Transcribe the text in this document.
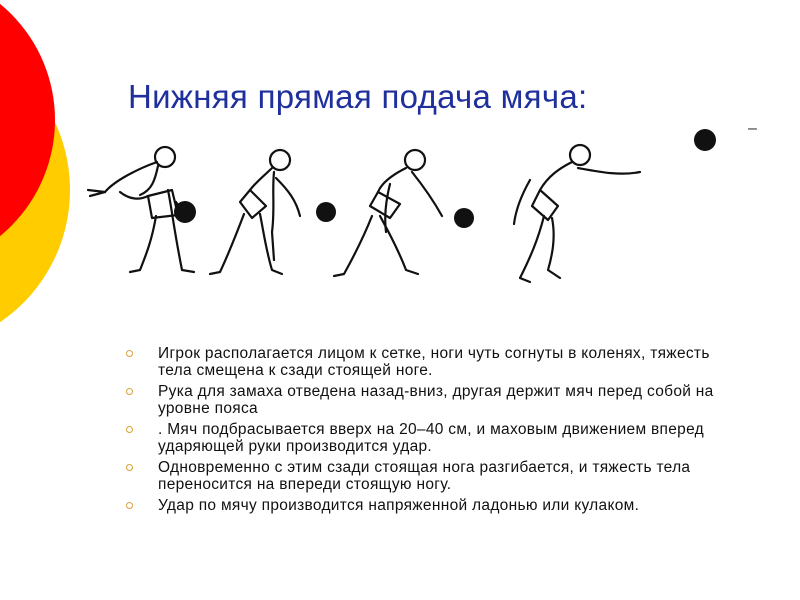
Нижняя прямая подача мяча:
–
Игрок располагается лицом к сетке, ноги чуть согнуты в коленях, тяжесть тела смещена к сзади стоящей ноге.
Рука для замаха отведена назад-вниз, другая держит мяч перед собой на уровне пояса
. Мяч подбрасывается вверх на 20–40 см, и маховым движением вперед ударяющей руки производится удар.
Одновременно с этим сзади стоящая нога разгибается, и тяжесть тела переносится на впереди стоящую ногу.
Удар по мячу производится напряженной ладонью или кулаком.
